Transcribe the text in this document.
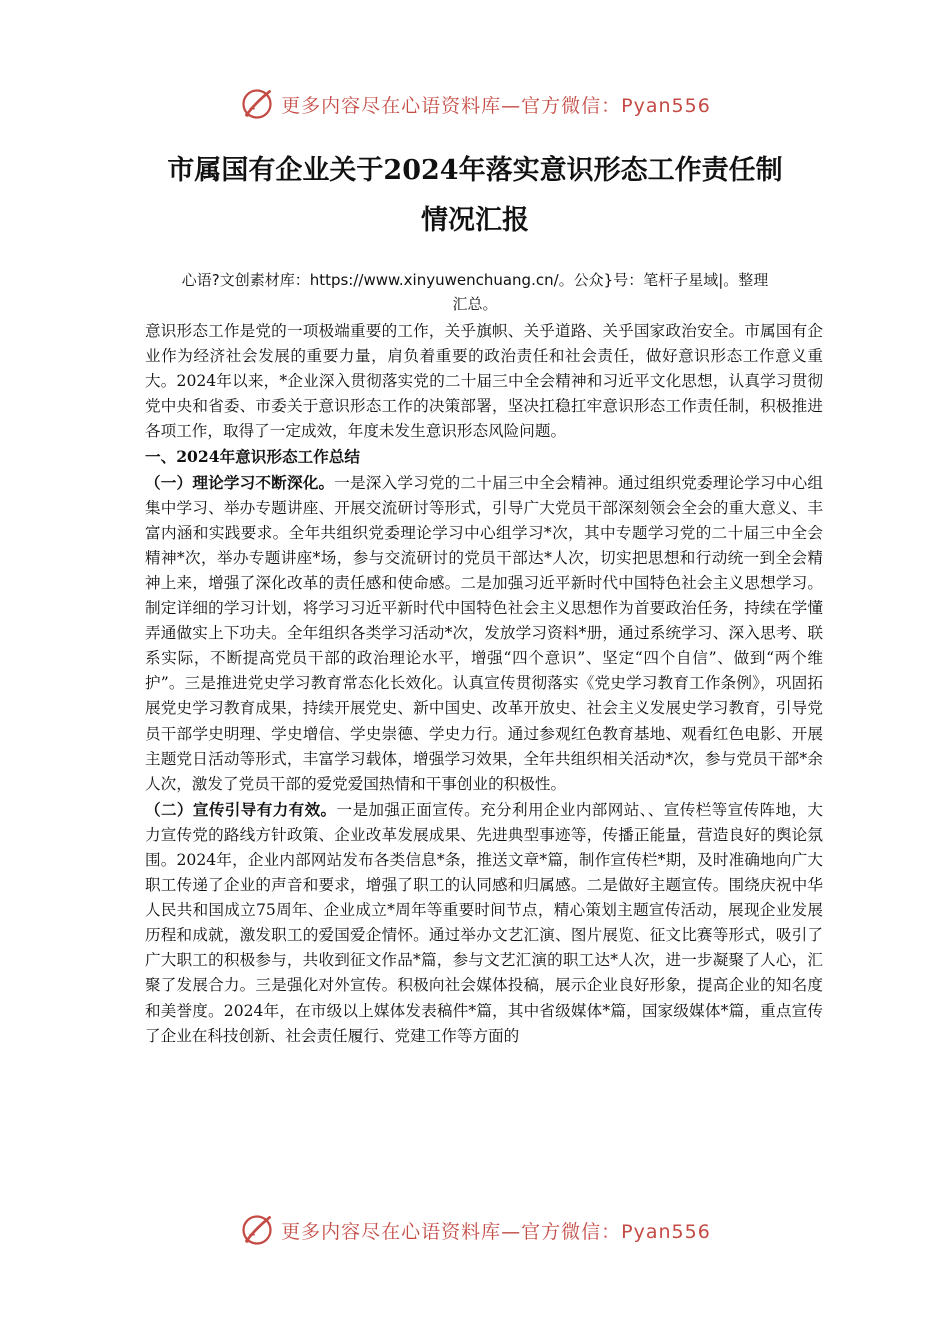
更多内容尽在心语资料库—官方微信：Pyan556
市属国有企业关于2024年落实意识形态工作责任制
情况汇报
心语?文创素材库：https://www.xinyuwenchuang.cn/。公众}号：笔杆子星域|。整理
汇总。

意识形态工作是党的一项极端重要的工作，关乎旗帜、关乎道路、关乎国家政治安全。市属国有企业作为经济社会发展的重要力量，肩负着重要的政治责任和社会责任，做好意识形态工作意义重大。2024年以来，*企业深入贯彻落实党的二十届三中全会精神和习近平文化思想，认真学习贯彻党中央和省委、市委关于意识形态工作的决策部署，坚决扛稳扛牢意识形态工作责任制，积极推进各项工作，取得了一定成效，年度未发生意识形态风险问题。

一、2024年意识形态工作总结

（一）理论学习不断深化。一是深入学习党的二十届三中全会精神。通过组织党委理论学习中心组集中学习、举办专题讲座、开展交流研讨等形式，引导广大党员干部深刻领会全会的重大意义、丰富内涵和实践要求。全年共组织党委理论学习中心组学习*次，其中专题学习党的二十届三中全会精神*次，举办专题讲座*场，参与交流研讨的党员干部达*人次，切实把思想和行动统一到全会精神上来，增强了深化改革的责任感和使命感。二是加强习近平新时代中国特色社会主义思想学习。制定详细的学习计划，将学习习近平新时代中国特色社会主义思想作为首要政治任务，持续在学懂弄通做实上下功夫。全年组织各类学习活动*次，发放学习资料*册，通过系统学习、深入思考、联系实际，不断提高党员干部的政治理论水平，增强“四个意识”、坚定“四个自信”、做到“两个维护”。三是推进党史学习教育常态化长效化。认真宣传贯彻落实《党史学习教育工作条例》，巩固拓展党史学习教育成果，持续开展党史、新中国史、改革开放史、社会主义发展史学习教育，引导党员干部学史明理、学史增信、学史崇德、学史力行。通过参观红色教育基地、观看红色电影、开展主题党日活动等形式，丰富学习载体，增强学习效果，全年共组织相关活动*次，参与党员干部*余人次，激发了党员干部的爱党爱国热情和干事创业的积极性。

（二）宣传引导有力有效。一是加强正面宣传。充分利用企业内部网站、、宣传栏等宣传阵地，大力宣传党的路线方针政策、企业改革发展成果、先进典型事迹等，传播正能量，营造良好的舆论氛围。2024年，企业内部网站发布各类信息*条，推送文章*篇，制作宣传栏*期，及时准确地向广大职工传递了企业的声音和要求，增强了职工的认同感和归属感。二是做好主题宣传。围绕庆祝中华人民共和国成立75周年、企业成立*周年等重要时间节点，精心策划主题宣传活动，展现企业发展历程和成就，激发职工的爱国爱企情怀。通过举办文艺汇演、图片展览、征文比赛等形式，吸引了广大职工的积极参与，共收到征文作品*篇，参与文艺汇演的职工达*人次，进一步凝聚了人心，汇聚了发展合力。三是强化对外宣传。积极向社会媒体投稿，展示企业良好形象，提高企业的知名度和美誉度。2024年，在市级以上媒体发表稿件*篇，其中省级媒体*篇，国家级媒体*篇，重点宣传了企业在科技创新、社会责任履行、党建工作等方面的

更多内容尽在心语资料库—官方微信：Pyan556
